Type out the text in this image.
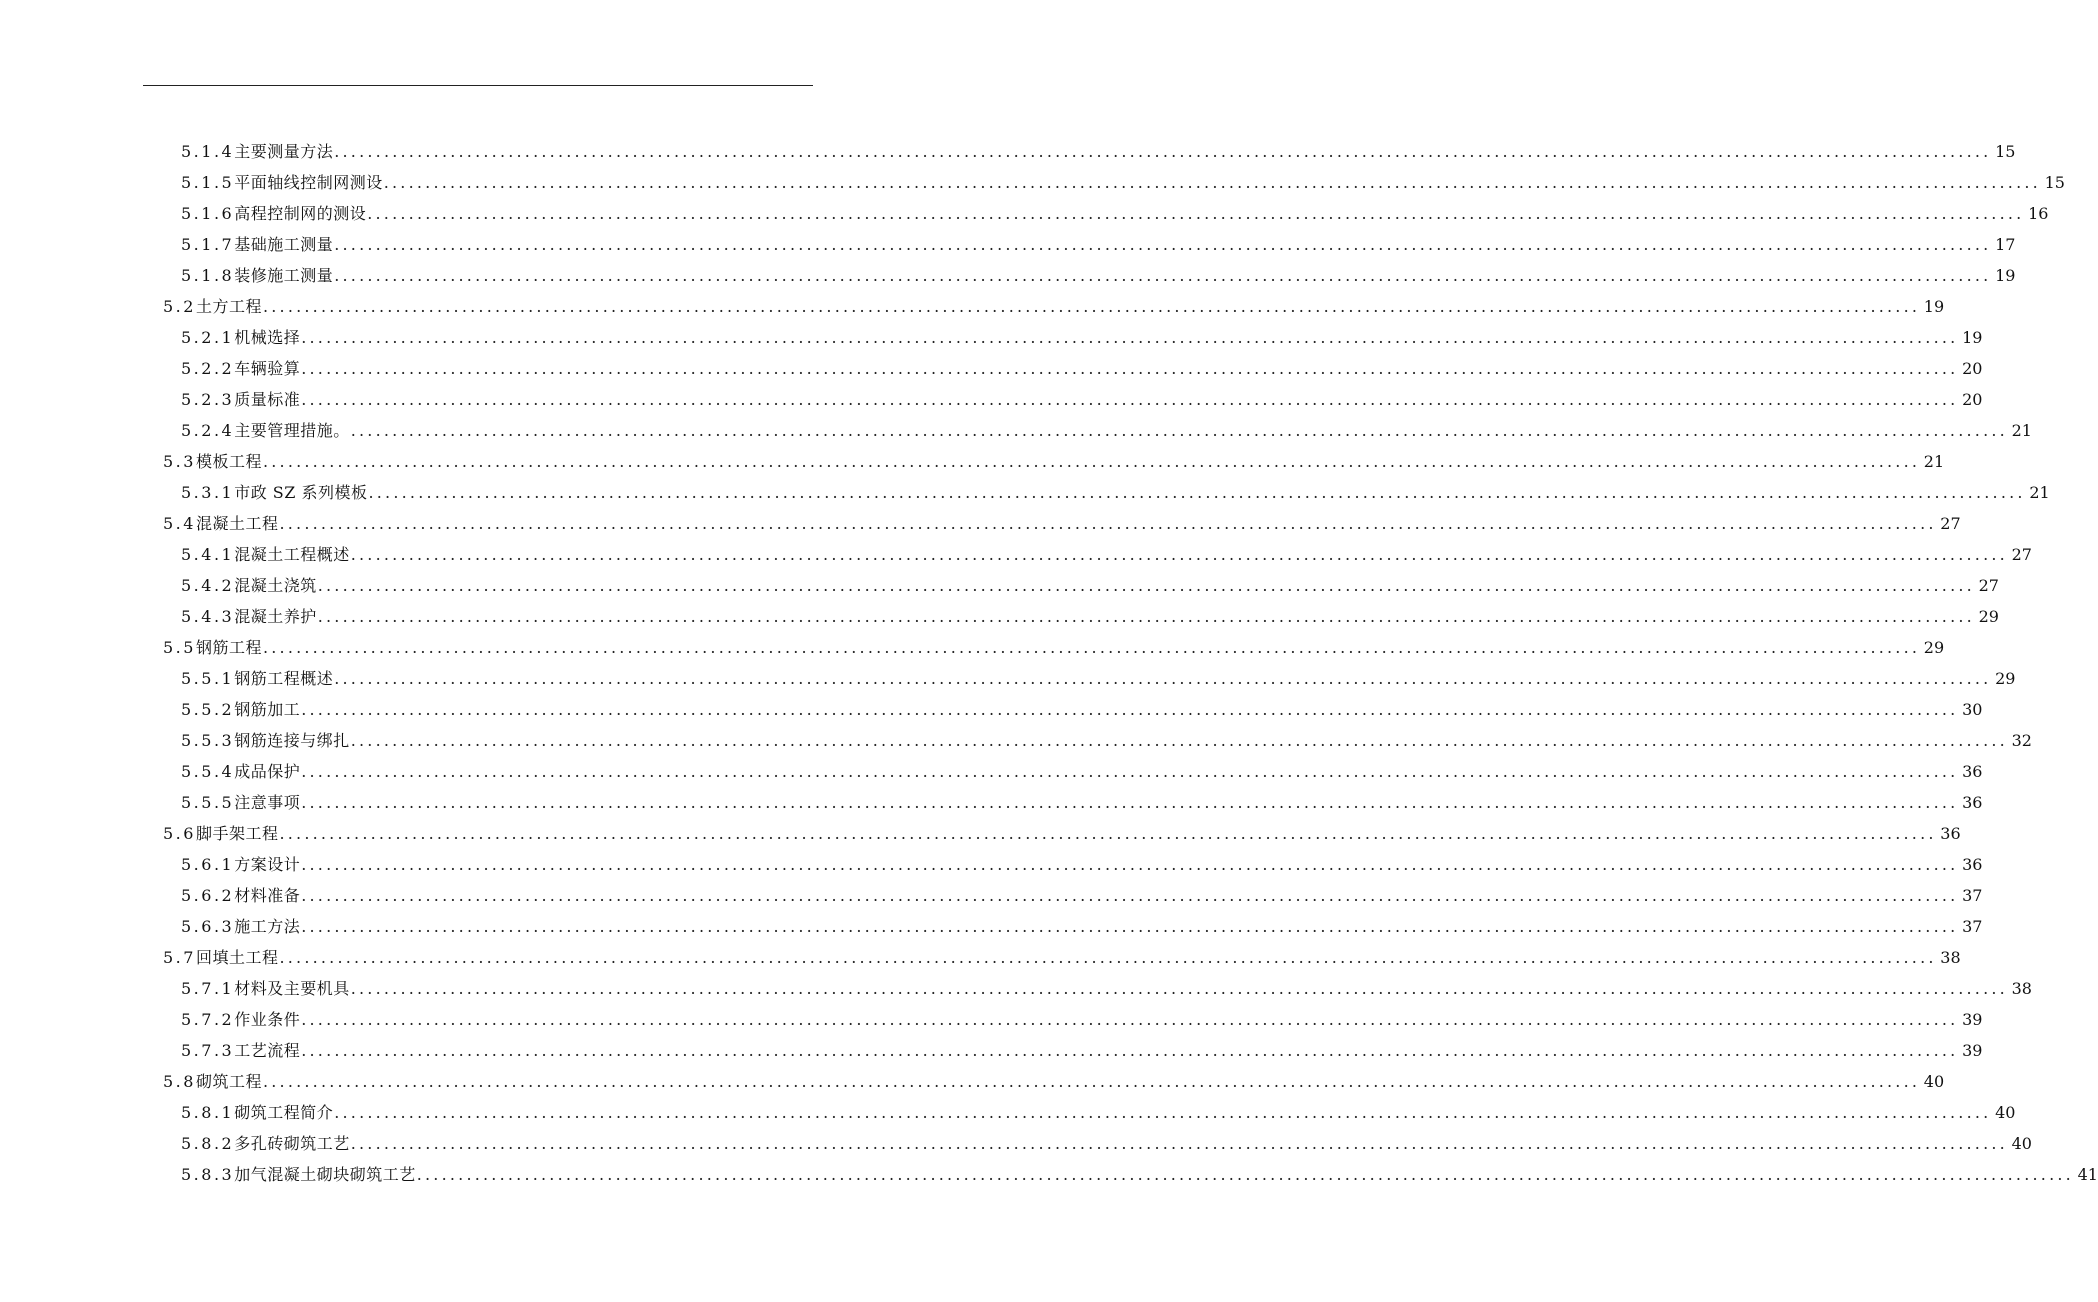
5.1.4主要测量方法 ........................................................................................................................................................................................................ 15
5.1.5平面轴线控制网测设 ........................................................................................................................................................................................................ 15
5.1.6高程控制网的测设 ........................................................................................................................................................................................................ 16
5.1.7基础施工测量 ........................................................................................................................................................................................................ 17
5.1.8装修施工测量 ........................................................................................................................................................................................................ 19
5.2土方工程 ........................................................................................................................................................................................................ 19
5.2.1机械选择 ........................................................................................................................................................................................................ 19
5.2.2车辆验算 ........................................................................................................................................................................................................ 20
5.2.3质量标准 ........................................................................................................................................................................................................ 20
5.2.4主要管理措施。 ........................................................................................................................................................................................................ 21
5.3模板工程 ........................................................................................................................................................................................................ 21
5.3.1市政 SZ 系列模板 ........................................................................................................................................................................................................ 21
5.4混凝土工程 ........................................................................................................................................................................................................ 27
5.4.1混凝土工程概述 ........................................................................................................................................................................................................ 27
5.4.2混凝土浇筑 ........................................................................................................................................................................................................ 27
5.4.3混凝土养护 ........................................................................................................................................................................................................ 29
5.5钢筋工程 ........................................................................................................................................................................................................ 29
5.5.1钢筋工程概述 ........................................................................................................................................................................................................ 29
5.5.2钢筋加工 ........................................................................................................................................................................................................ 30
5.5.3钢筋连接与绑扎 ........................................................................................................................................................................................................ 32
5.5.4成品保护 ........................................................................................................................................................................................................ 36
5.5.5注意事项 ........................................................................................................................................................................................................ 36
5.6脚手架工程 ........................................................................................................................................................................................................ 36
5.6.1方案设计 ........................................................................................................................................................................................................ 36
5.6.2材料准备 ........................................................................................................................................................................................................ 37
5.6.3施工方法 ........................................................................................................................................................................................................ 37
5.7回填土工程 ........................................................................................................................................................................................................ 38
5.7.1材料及主要机具 ........................................................................................................................................................................................................ 38
5.7.2作业条件 ........................................................................................................................................................................................................ 39
5.7.3工艺流程 ........................................................................................................................................................................................................ 39
5.8砌筑工程 ........................................................................................................................................................................................................ 40
5.8.1砌筑工程简介 ........................................................................................................................................................................................................ 40
5.8.2多孔砖砌筑工艺 ........................................................................................................................................................................................................ 40
5.8.3加气混凝土砌块砌筑工艺 ........................................................................................................................................................................................................ 41
